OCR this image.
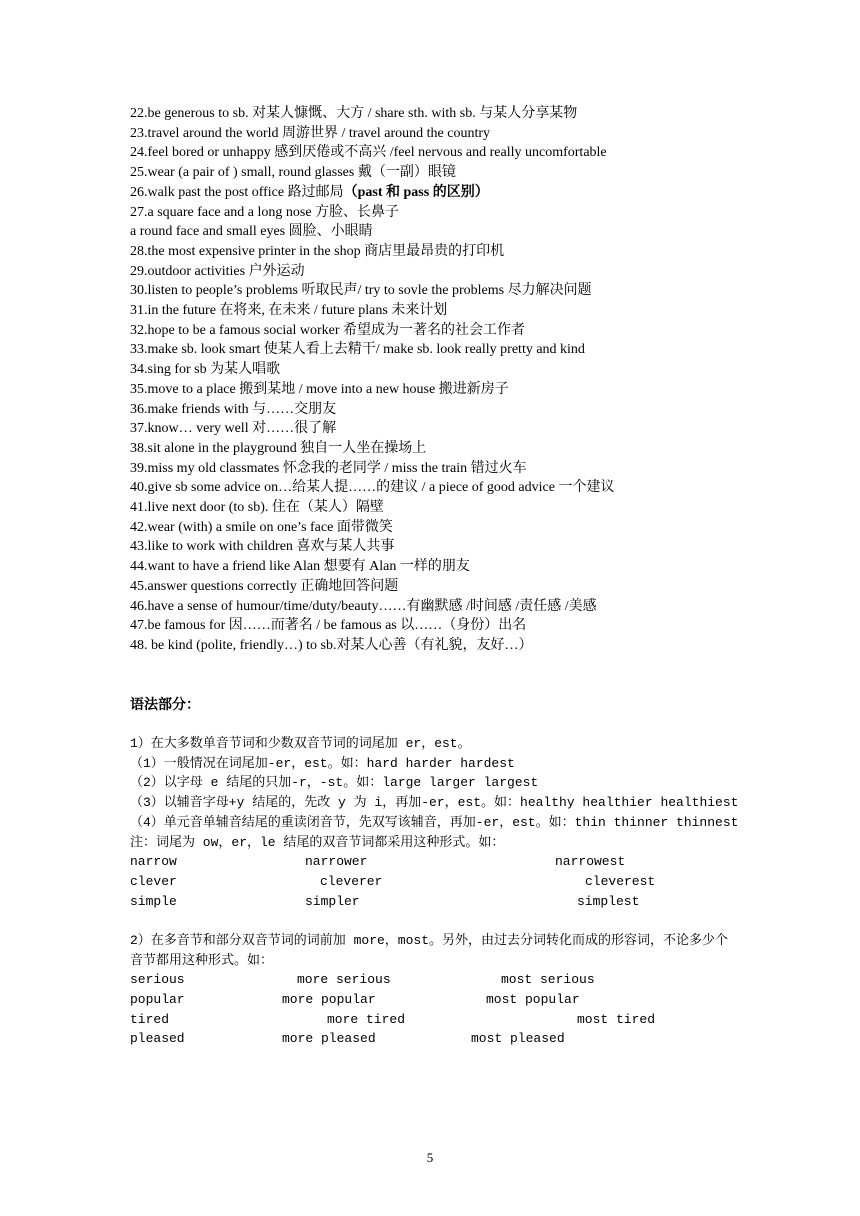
22.be generous to sb. 对某人慷慨、大方 / share sth. with sb. 与某人分享某物
23.travel around the world 周游世界 / travel around the country
24.feel bored or unhappy 感到厌倦或不高兴 /feel nervous and really uncomfortable
25.wear (a pair of ) small, round glasses 戴（一副）眼镜
26.walk past the post office 路过邮局（past 和 pass 的区别）
27.a square face and a long nose 方脸、长鼻子
a round face and small eyes 圆脸、小眼睛
28.the most expensive printer in the shop 商店里最昂贵的打印机
29.outdoor activities 户外运动
30.listen to people’s problems 听取民声/ try to sovle the problems 尽力解决问题
31.in the future 在将来, 在未来 / future plans 未来计划
32.hope to be a famous social worker 希望成为一著名的社会工作者
33.make sb. look smart 使某人看上去精干/ make sb. look really pretty and kind
34.sing for sb 为某人唱歌
35.move to a place 搬到某地 / move into a new house 搬进新房子
36.make friends with 与……交朋友
37.know… very well 对……很了解
38.sit alone in the playground 独自一人坐在操场上
39.miss my old classmates 怀念我的老同学 / miss the train 错过火车
40.give sb some advice on…给某人提……的建议 / a piece of good advice 一个建议
41.live next door (to sb). 住在（某人）隔壁
42.wear (with) a smile on one’s face 面带微笑
43.like to work with children 喜欢与某人共事
44.want to have a friend like Alan 想要有 Alan 一样的朋友
45.answer questions correctly 正确地回答问题
46.have a sense of humour/time/duty/beauty……有幽默感 /时间感 /责任感 /美感
47.be famous for 因……而著名 / be famous as 以……（身份）出名
48. be kind (polite, friendly…) to sb.对某人心善（有礼貌，友好…）
语法部分：
1）在大多数单音节词和少数双音节词的词尾加 er，est。
（1）一般情况在词尾加-er，est。如：hard harder hardest
（2）以字母 e 结尾的只加-r，-st。如：large larger largest
（3）以辅音字母+y 结尾的，先改 y 为 i，再加-er，est。如：healthy healthier healthiest
（4）单元音单辅音结尾的重读闭音节，先双写该辅音，再加-er，est。如：thin thinner thinnest
注：词尾为 ow，er，le 结尾的双音节词都采用这种形式。如：
narrow	narrower	narrowest
clever	cleverer	cleverest
simple	simpler	simplest
2）在多音节和部分双音节词的词前加 more，most。另外，由过去分词转化而成的形容词，不论多少个音节都用这种形式。如：
serious	more serious	most serious
popular	more popular	most popular
tired	more tired	most tired
pleased	more pleased	most pleased
5
